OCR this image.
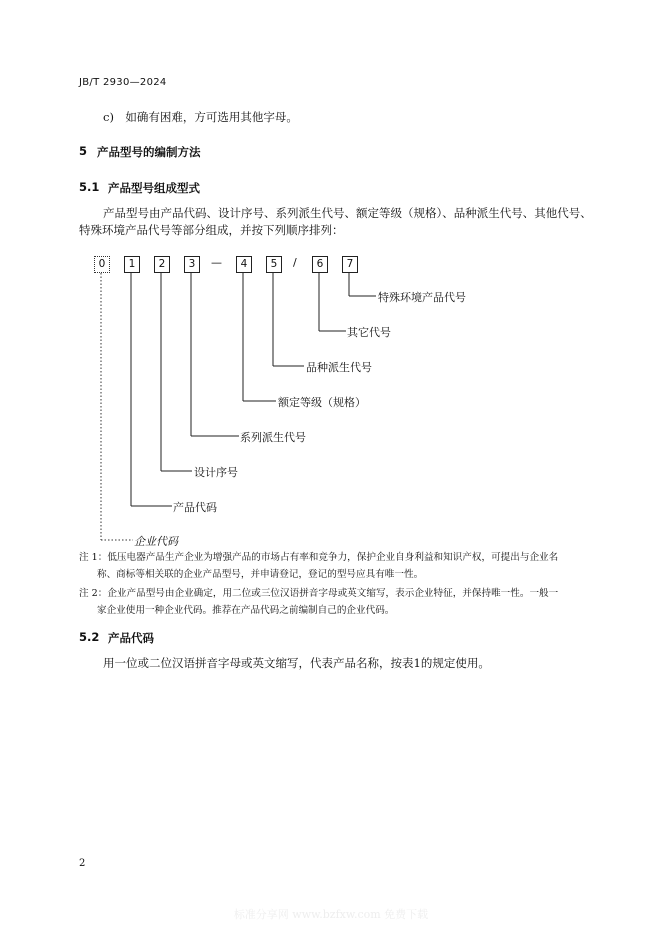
JB/T 2930—2024
c)　如确有困难，方可选用其他字母。
5 产品型号的编制方法
5.1 产品型号组成型式
产品型号由产品代码、设计序号、系列派生代号、额定等级（规格）、品种派生代号、其他代号、
特殊环境产品代号等部分组成，并按下列顺序排列：
0	1	2	3	—	4	5	/	6	7
特殊环境产品代号
其它代号
品种派生代号
额定等级（规格）
系列派生代号
设计序号
产品代码
企业代码
注 1：低压电器产品生产企业为增强产品的市场占有率和竞争力，保护企业自身利益和知识产权，可提出与企业名
称、商标等相关联的企业产品型号，并申请登记，登记的型号应具有唯一性。
注 2：企业产品型号由企业确定，用二位或三位汉语拼音字母或英文缩写，表示企业特征，并保持唯一性。一般一
家企业使用一种企业代码。推荐在产品代码之前编制自己的企业代码。
5.2 产品代码
用一位或二位汉语拼音字母或英文缩写，代表产品名称，按表1的规定使用。
2
标准分享网 www.bzfxw.com 免费下载
